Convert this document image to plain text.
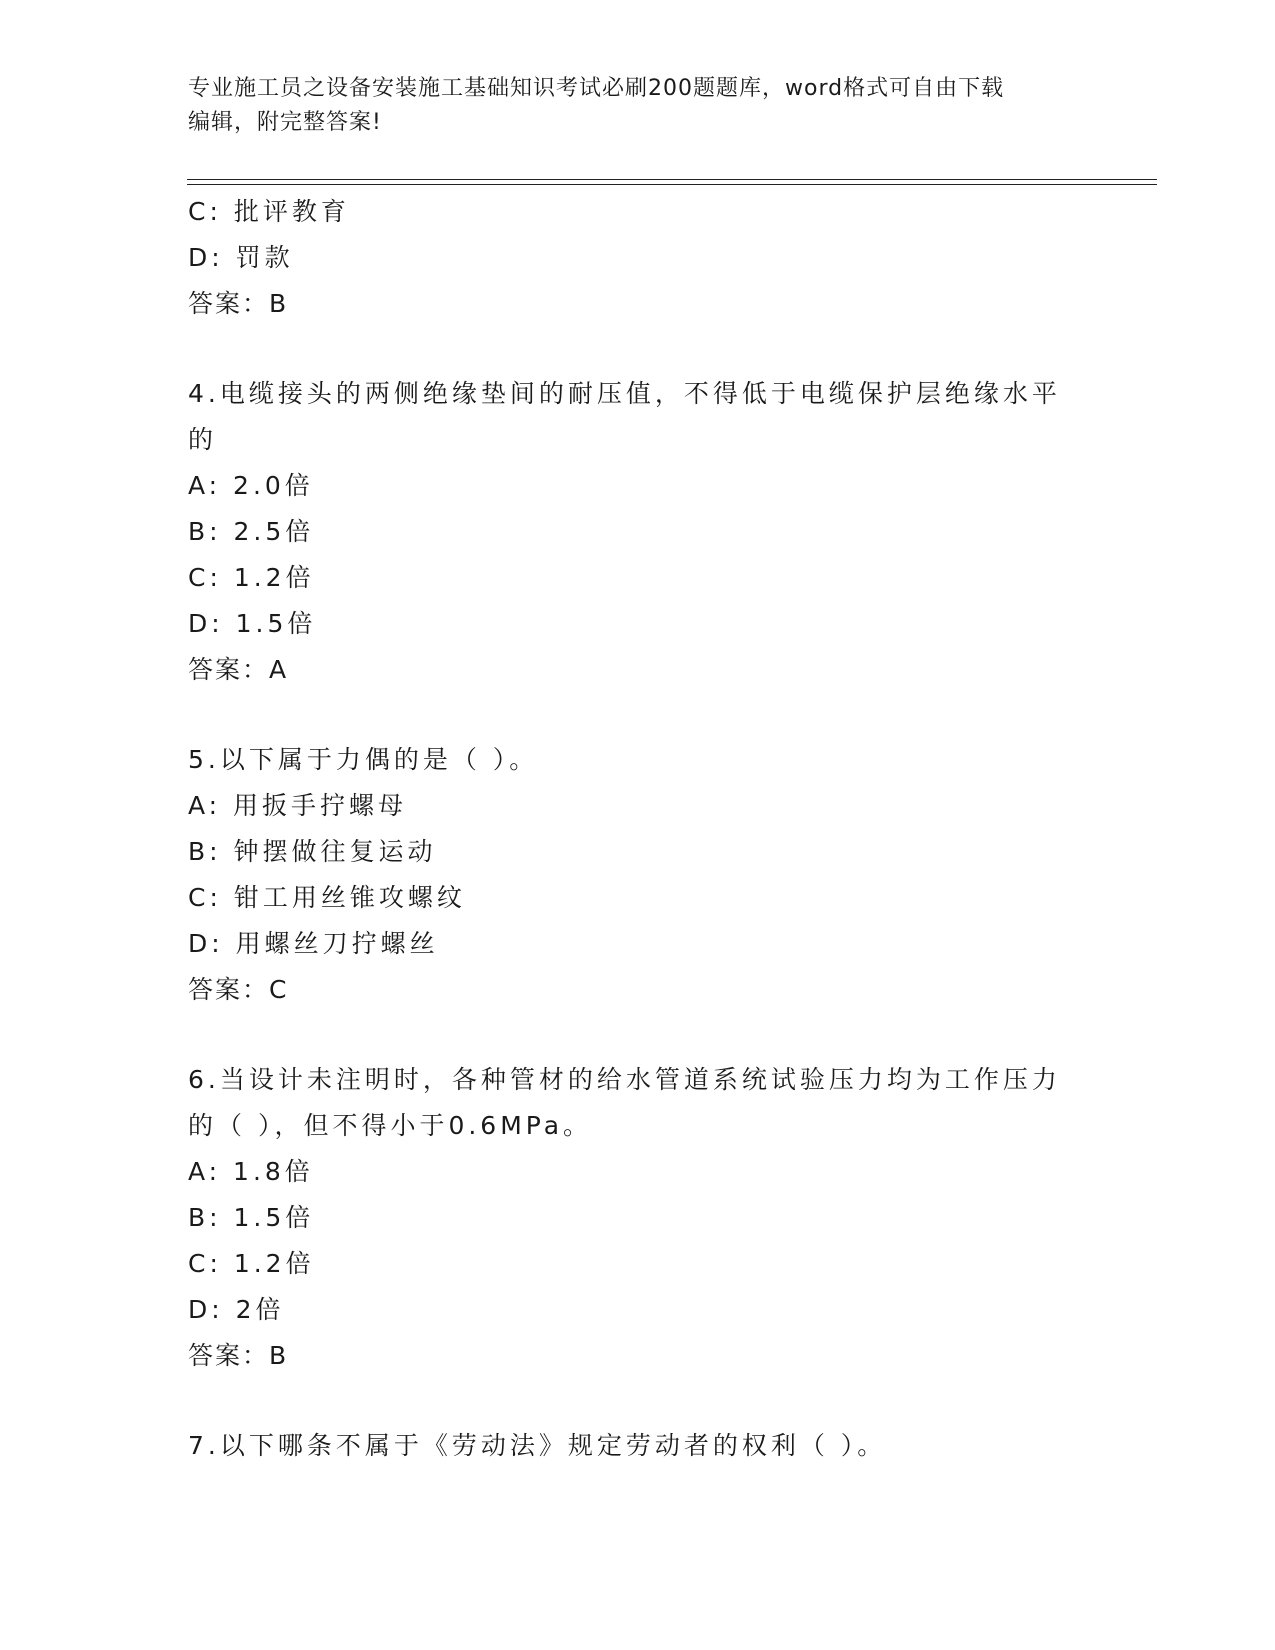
专业施工员之设备安装施工基础知识考试必刷200题题库，word格式可自由下载
编辑，附完整答案!
C: 批评教育
D: 罚款
答案：B
4.电缆接头的两侧绝缘垫间的耐压值，不得低于电缆保护层绝缘水平
的
A: 2.0倍
B: 2.5倍
C: 1.2倍
D: 1.5倍
答案：A
5.以下属于力偶的是（ ）。
A: 用扳手拧螺母
B: 钟摆做往复运动
C: 钳工用丝锥攻螺纹
D: 用螺丝刀拧螺丝
答案：C
6.当设计未注明时，各种管材的给水管道系统试验压力均为工作压力
的（ ），但不得小于0.6MPa。
A: 1.8倍
B: 1.5倍
C: 1.2倍
D: 2倍
答案：B
7.以下哪条不属于《劳动法》规定劳动者的权利（ ）。
